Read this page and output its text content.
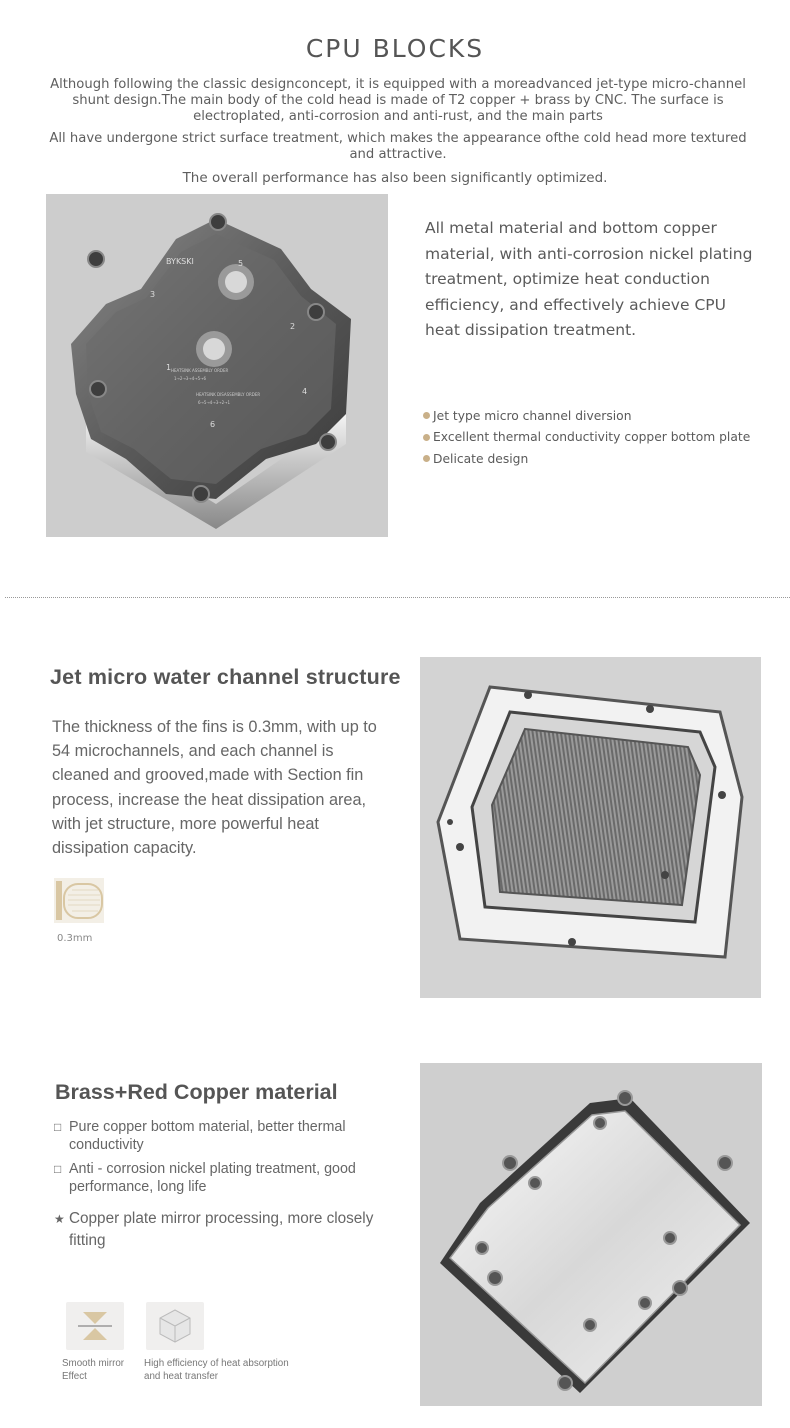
CPU BLOCKS

Although following the classic designconcept, it is equipped with a moreadvanced jet-type micro-channel shunt design.The main body of the cold head is made of T2 copper + brass by CNC. The surface is electroplated, anti-corrosion and anti-rust, and the main parts

All have undergone strict surface treatment, which makes the appearance ofthe cold head more textured and attractive.

The overall performance has also been significantly optimized.

BYKSKI
HEATSINK ASSEMBLY ORDER
1→2→3→4→5→6
HEATSINK DISASSEMBLY ORDER
6→5→4→3→2→1
1
2
3
4
5
6

All metal material and bottom copper material, with anti-corrosion nickel plating treatment, optimize heat conduction efficiency, and effectively achieve CPU heat dissipation treatment.

Jet type micro channel diversion
Excellent thermal conductivity copper bottom plate
Delicate design
Jet micro water channel structure

The thickness of the fins is 0.3mm, with up to 54 microchannels, and each channel is cleaned and grooved,made with Section fin process, increase the heat dissipation area, with jet structure, more powerful heat dissipation capacity.

0.3mm
Brass+Red Copper material
□ Pure copper bottom material, better thermal conductivity
□ Anti - corrosion nickel plating treatment, good performance, long life
★ Copper plate mirror processing, more closely fitting
Smooth mirror Effect
High efficiency of heat absorption and heat transfer
